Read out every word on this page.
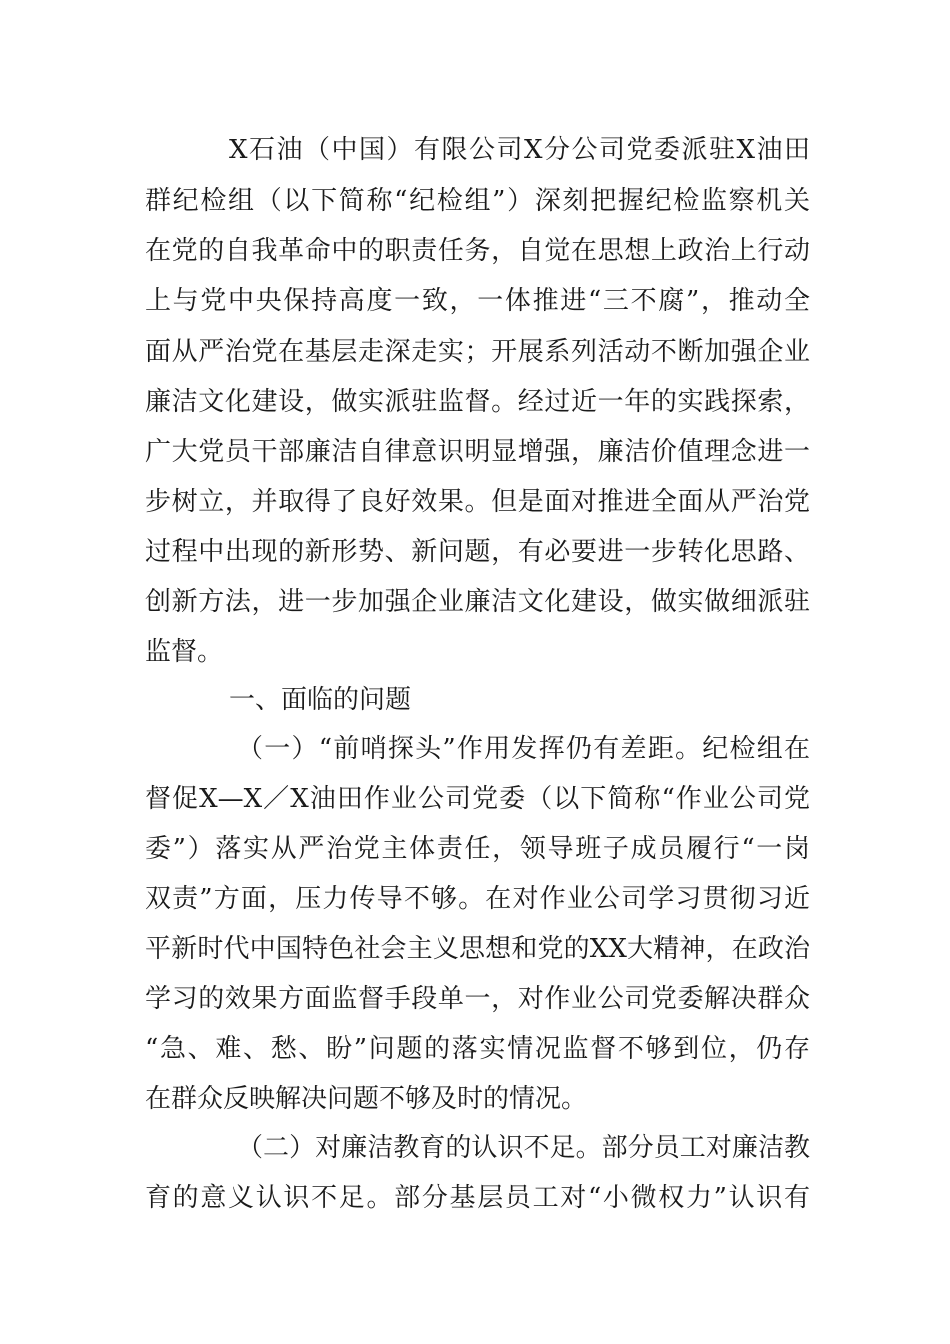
X石油（中国）有限公司X分公司党委派驻X油田
群纪检组（以下简称“纪检组”）深刻把握纪检监察机关
在党的自我革命中的职责任务，自觉在思想上政治上行动
上与党中央保持高度一致，一体推进“三不腐”，推动全
面从严治党在基层走深走实；开展系列活动不断加强企业
廉洁文化建设，做实派驻监督。经过近一年的实践探索，
广大党员干部廉洁自律意识明显增强，廉洁价值理念进一
步树立，并取得了良好效果。但是面对推进全面从严治党
过程中出现的新形势、新问题，有必要进一步转化思路、
创新方法，进一步加强企业廉洁文化建设，做实做细派驻
监督。
一、面临的问题
（一）“前哨探头”作用发挥仍有差距。纪检组在
督促X—X／X油田作业公司党委（以下简称“作业公司党
委”）落实从严治党主体责任，领导班子成员履行“一岗
双责”方面，压力传导不够。在对作业公司学习贯彻习近
平新时代中国特色社会主义思想和党的XX大精神，在政治
学习的效果方面监督手段单一，对作业公司党委解决群众
“急、难、愁、盼”问题的落实情况监督不够到位，仍存
在群众反映解决问题不够及时的情况。
（二）对廉洁教育的认识不足。部分员工对廉洁教
育的意义认识不足。部分基层员工对“小微权力”认识有
